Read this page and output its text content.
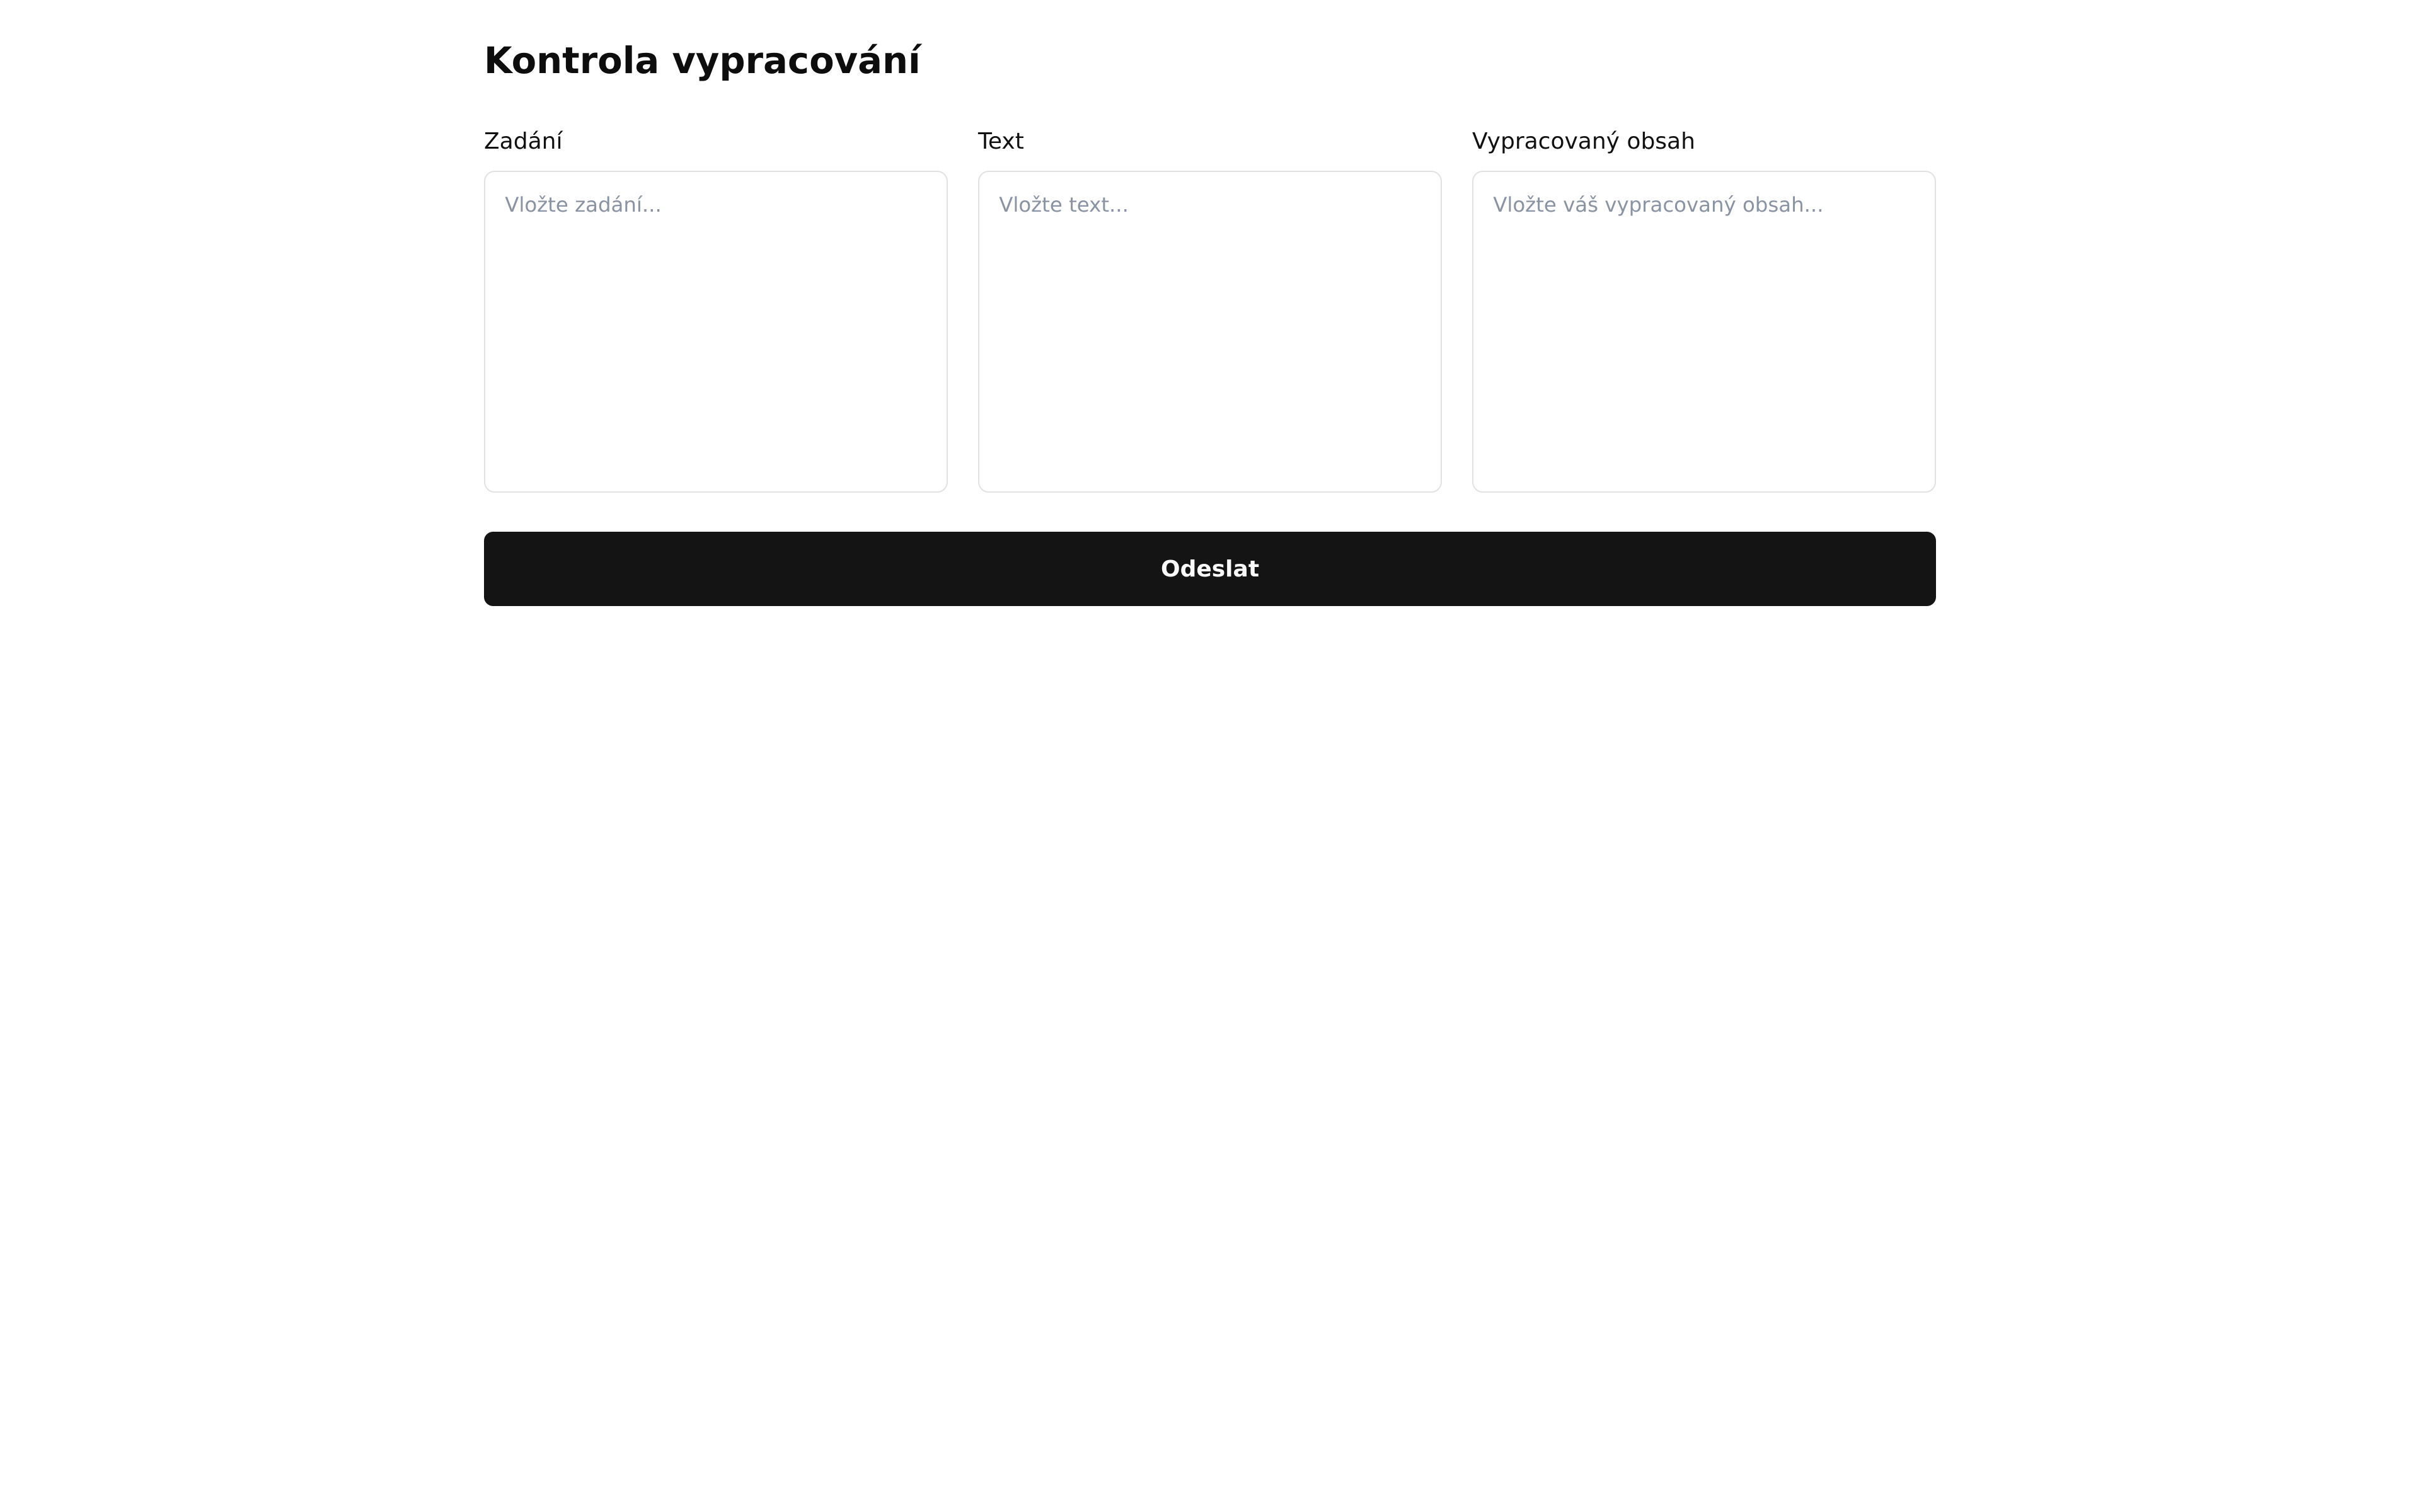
Kontrola vypracování
Zadání
Vložte zadání...	Text
Vložte text...	Vypracovaný obsah
Vložte váš vypracovaný obsah...
Odeslat
